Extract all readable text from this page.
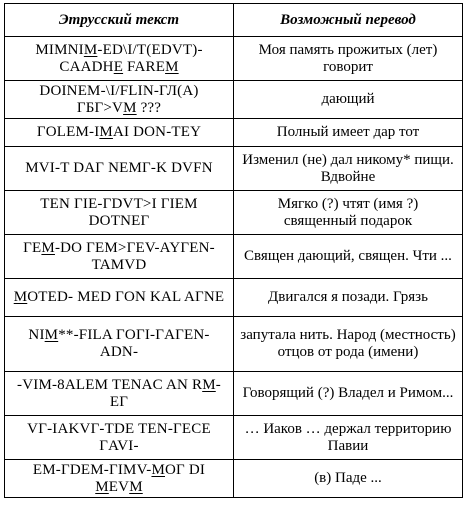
Этрусский текст	Возможный перевод
MIMNIM-ED\I/T(EDVT)-CAADHE FAREM	Моя память прожитых (лет) говорит
DOINEM-\I/FLIN-ГЛ(А) ГБГ>VM ???	дающий
ГOLEM-IMAI DON-TEY	Полный имеет дар тот
MVI-T DAГ NEMГ-K DVFN	Изменил (не) дал никому* пищи. Вдвойне
TEN ГIE-ГDVT>I ГIEM DOTNEГ	Мягко (?) чтят (имя ?) священный подарок
ГEM-DO ГEM>ГEV-AYГEN-TAMVD	Священ дающий, священ. Чти ...
MOTED- MED ГON KAL AГNE	Двигался я позади. Грязь
NIM**-FILA ГOГI-ГAГEN-ADN-	запутала нить. Народ (местность) отцов от рода (имени)
-VIM-8ALEM TENAC AN RM-EГ	Говорящий (?) Владел и Римом...
VГ-IAKVГ-TDE TEN-ГECE ГAVI-	… Иаков … держал территорию Павии
EM-ГDEM-ГIMV-MOГ DI MEVM	(в) Паде ...
